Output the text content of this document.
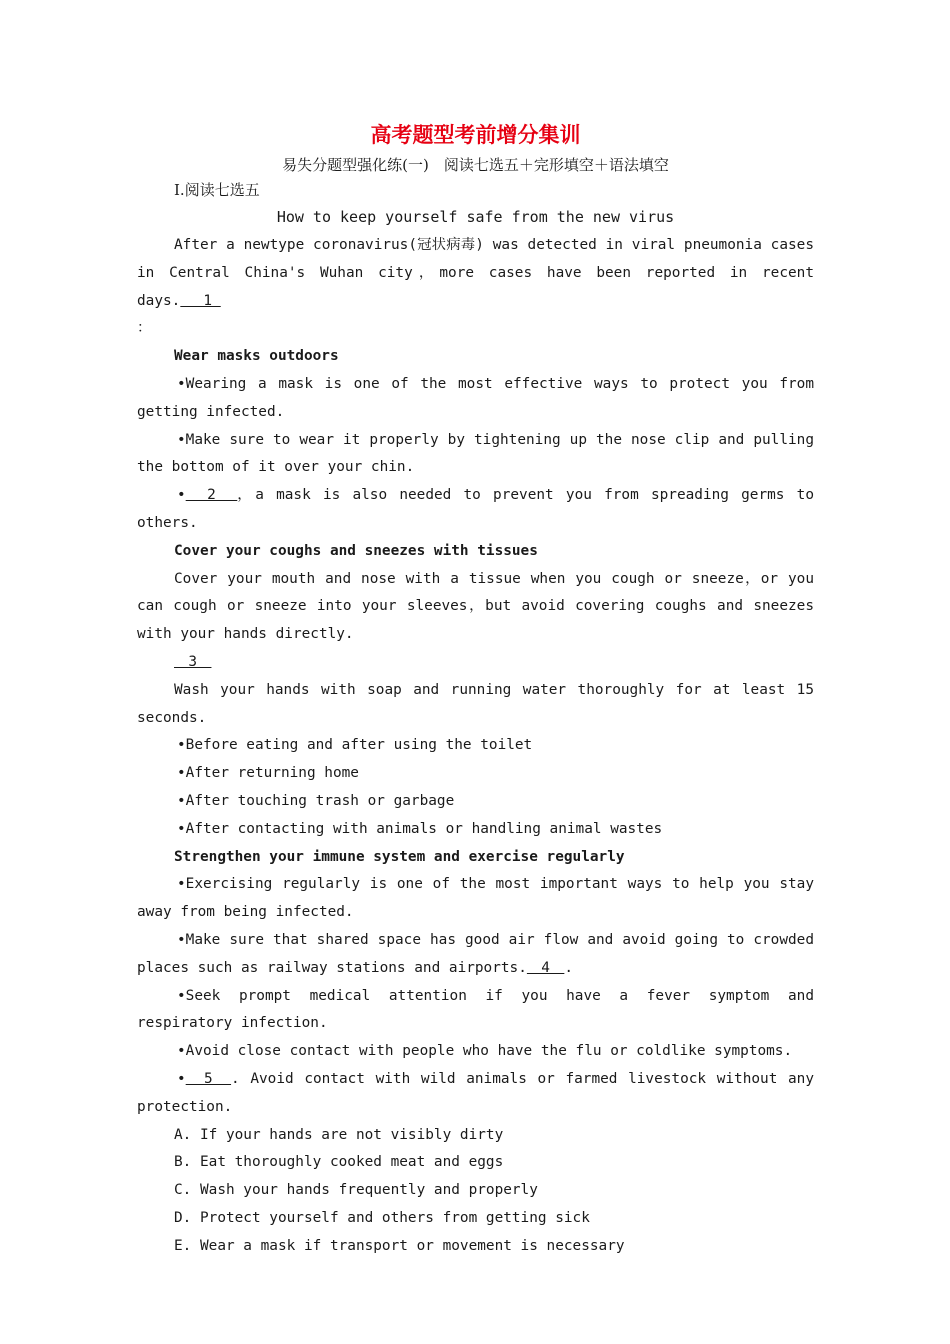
高考题型考前增分集训
易失分题型强化练(一)　阅读七选五＋完形填空＋语法填空
Ⅰ.阅读七选五
How to keep yourself safe from the new virus

After a newtype coronavirus(冠状病毒) was detected in viral pneumonia cases in Central China's Wuhan city，more cases have been reported in recent days.　 1
：

Wear masks outdoors

•Wearing a mask is one of the most effective ways to protect you from getting infected.

•Make sure to wear it properly by tightening up the nose clip and pulling the bottom of it over your chin.

•　2　，a mask is also needed to prevent you from spreading germs to others.

Cover your coughs and sneezes with tissues

Cover your mouth and nose with a tissue when you cough or sneeze，or you can cough or sneeze into your sleeves，but avoid covering coughs and sneezes with your hands directly.

　3　

Wash your hands with soap and running water thoroughly for at least 15 seconds.

•Before eating and after using the toilet

•After returning home

•After touching trash or garbage

•After contacting with animals or handling animal wastes

Strengthen your immune system and exercise regularly

•Exercising regularly is one of the most important ways to help you stay away from being infected.

•Make sure that shared space has good air flow and avoid going to crowded places such as railway stations and airports.　4　.

•Seek prompt medical attention if you have a fever symptom and respiratory infection.

•Avoid close contact with people who have the flu or coldlike symptoms.

•　5　. Avoid contact with wild animals or farmed livestock without any protection.

A. If your hands are not visibly dirty

B. Eat thoroughly cooked meat and eggs

C. Wash your hands frequently and properly

D. Protect yourself and others from getting sick

E. Wear a mask if transport or movement is necessary
